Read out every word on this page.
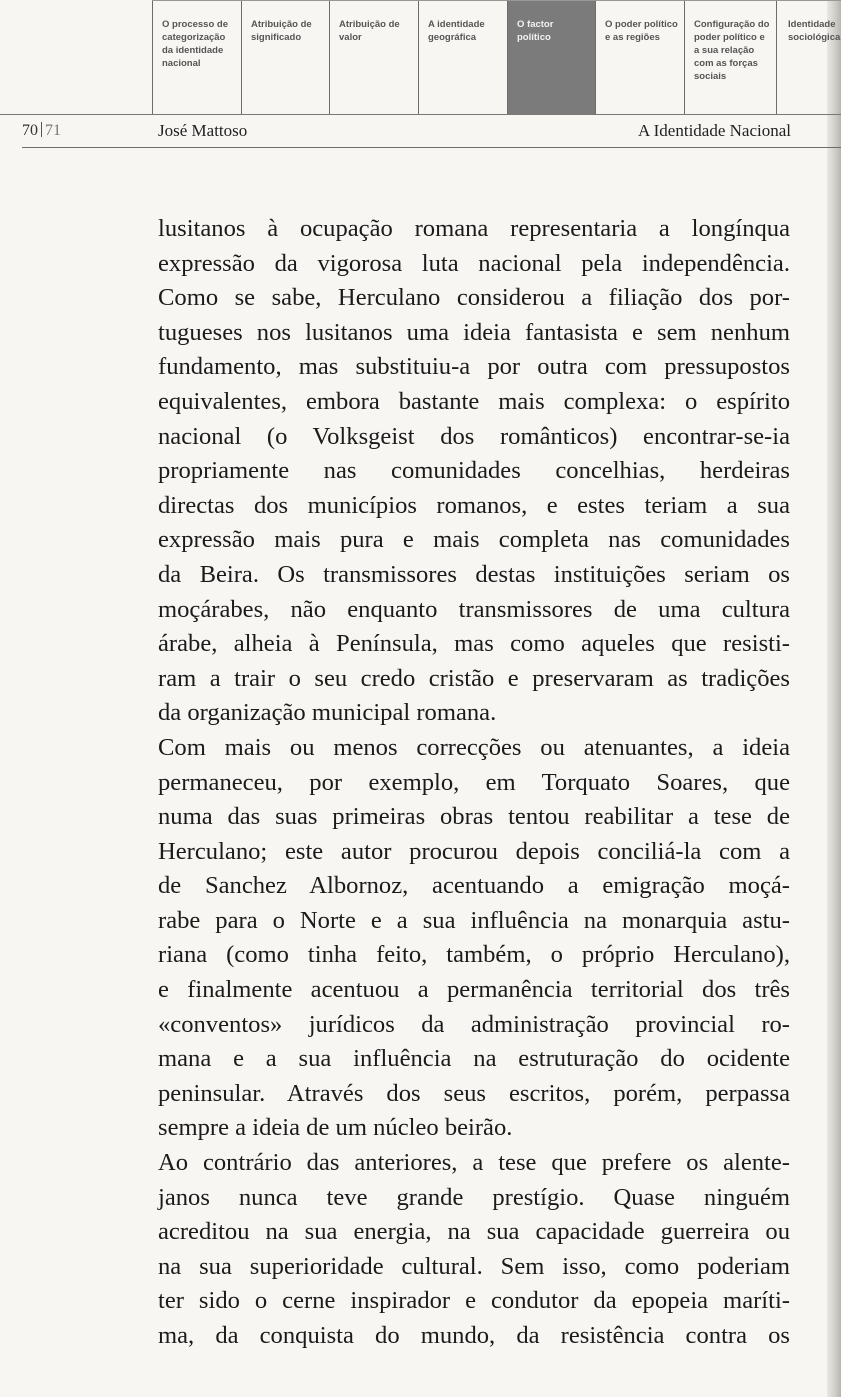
O processo de categorização da identidade nacional
Atribuição de significado
Atribuição de valor
A identidade geográfica
O factor político
O poder político e as regiões
Configuração do poder político e a sua relação com as forças sociais
Identidade sociológica
70 71	José Mattoso	A Identidade Nacional
lusitanos à ocupação romana representaria a longínqua
expressão da vigorosa luta nacional pela independência.
Como se sabe, Herculano considerou a filiação dos por-
tugueses nos lusitanos uma ideia fantasista e sem nenhum
fundamento, mas substituiu-a por outra com pressupostos
equivalentes, embora bastante mais complexa: o espírito
nacional (o Volksgeist dos românticos) encontrar-se-ia
propriamente nas comunidades concelhias, herdeiras
directas dos municípios romanos, e estes teriam a sua
expressão mais pura e mais completa nas comunidades
da Beira. Os transmissores destas instituições seriam os
moçárabes, não enquanto transmissores de uma cultura
árabe, alheia à Península, mas como aqueles que resisti-
ram a trair o seu credo cristão e preservaram as tradições
da organização municipal romana.
Com mais ou menos correcções ou atenuantes, a ideia
permaneceu, por exemplo, em Torquato Soares, que
numa das suas primeiras obras tentou reabilitar a tese de
Herculano; este autor procurou depois conciliá-la com a
de Sanchez Albornoz, acentuando a emigração moçá-
rabe para o Norte e a sua influência na monarquia astu-
riana (como tinha feito, também, o próprio Herculano),
e finalmente acentuou a permanência territorial dos três
«conventos» jurídicos da administração provincial ro-
mana e a sua influência na estruturação do ocidente
peninsular. Através dos seus escritos, porém, perpassa
sempre a ideia de um núcleo beirão.
Ao contrário das anteriores, a tese que prefere os alente-
janos nunca teve grande prestígio. Quase ninguém
acreditou na sua energia, na sua capacidade guerreira ou
na sua superioridade cultural. Sem isso, como poderiam
ter sido o cerne inspirador e condutor da epopeia maríti-
ma, da conquista do mundo, da resistência contra os
